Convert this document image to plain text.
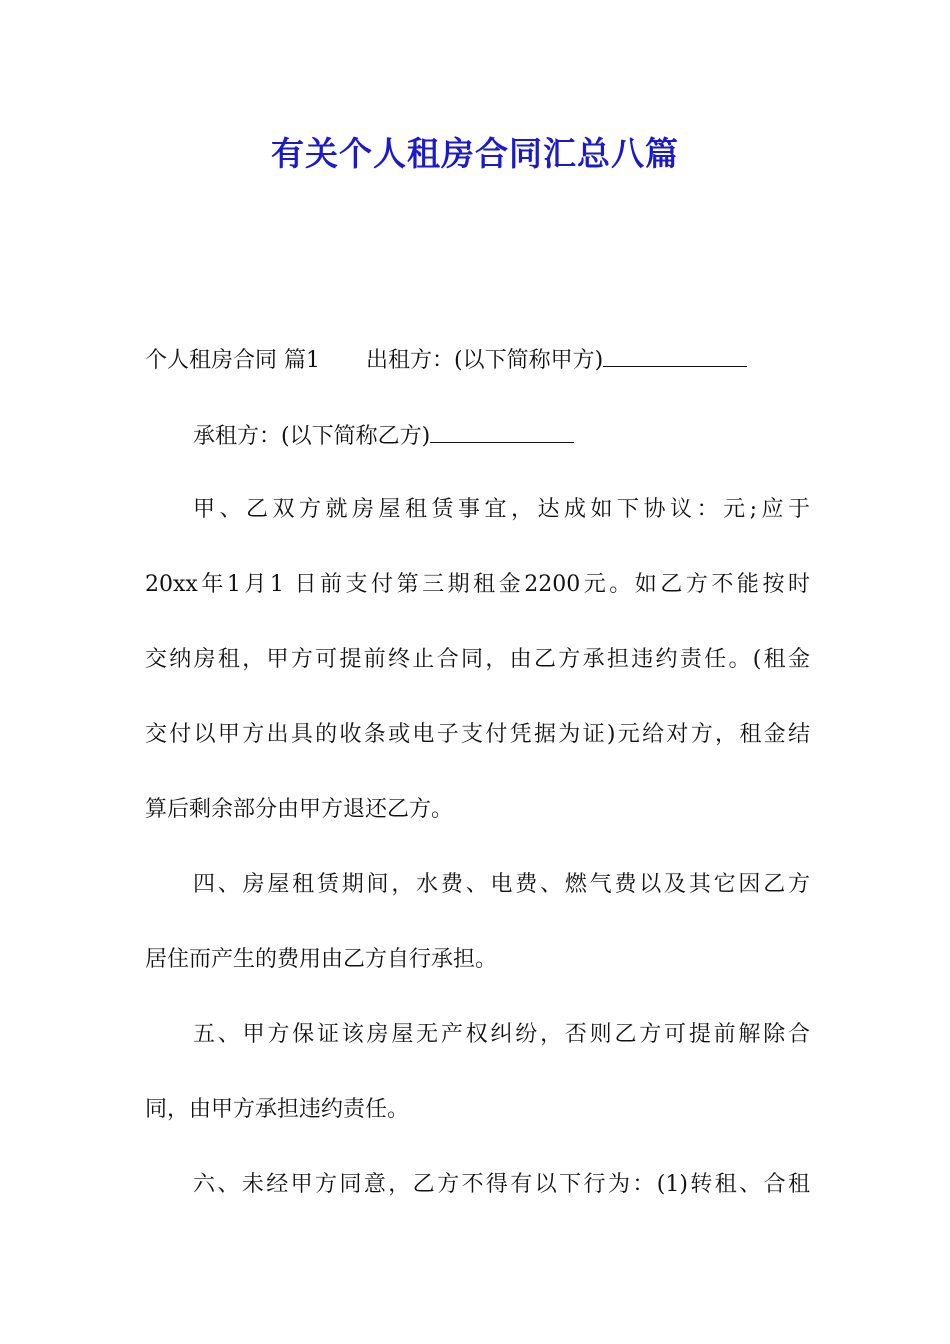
有关个人租房合同汇总八篇

个人租房合同 篇1 出租方：(以下简称甲方)

承租方：(以下简称乙方)

甲、乙双方就房屋租赁事宜，达成如下协议：元;应于

20xx年1月1 日前支付第三期租金2200元。如乙方不能按时

交纳房租，甲方可提前终止合同，由乙方承担违约责任。(租金

交付以甲方出具的收条或电子支付凭据为证)元给对方，租金结

算后剩余部分由甲方退还乙方。

四、房屋租赁期间，水费、电费、燃气费以及其它因乙方

居住而产生的费用由乙方自行承担。

五、甲方保证该房屋无产权纠纷，否则乙方可提前解除合

同，由甲方承担违约责任。

六、未经甲方同意，乙方不得有以下行为：(1)转租、合租
